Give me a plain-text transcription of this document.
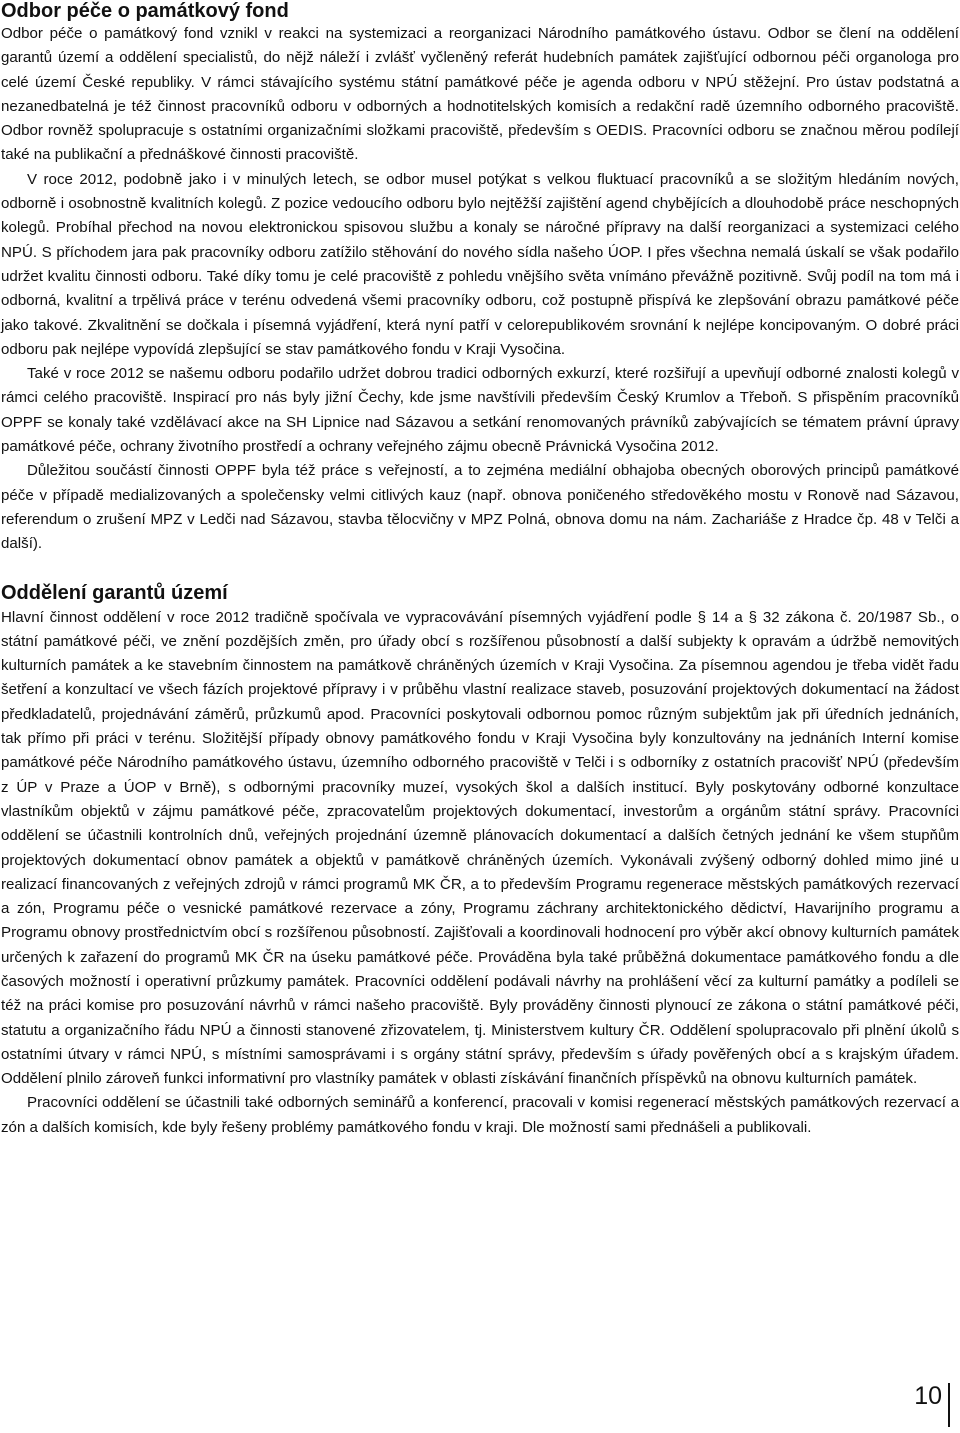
Odbor péče o památkový fond

Odbor péče o památkový fond vznikl v reakci na systemizaci a reorganizaci Národního památkového ústavu. Odbor se člení na oddělení garantů území a oddělení specialistů, do nějž náleží i zvlášť vyčleněný referát hudebních památek zajišťující odbornou péči organologa pro celé území České republiky. V rámci stávajícího systému státní památkové péče je agenda odboru v NPÚ stěžejní. Pro ústav podstatná a nezanedbatelná je též činnost pracovníků odboru v odborných a hodnotitelských komisích a redakční radě územního odborného pracoviště. Odbor rovněž spolupracuje s ostatními organizačními složkami pracoviště, především s OEDIS. Pracovníci odboru se značnou měrou podílejí také na publikační a přednáškové činnosti pracoviště.

V roce 2012, podobně jako i v minulých letech, se odbor musel potýkat s velkou fluktuací pracovníků a se složitým hledáním nových, odborně i osobnostně kvalitních kolegů. Z pozice vedoucího odboru bylo nejtěžší zajištění agend chybějících a dlouhodobě práce neschopných kolegů. Probíhal přechod na novou elektronickou spisovou službu a konaly se náročné přípravy na další reorganizaci a systemizaci celého NPÚ. S příchodem jara pak pracovníky odboru zatížilo stěhování do nového sídla našeho ÚOP. I přes všechna nemalá úskalí se však podařilo udržet kvalitu činnosti odboru. Také díky tomu je celé pracoviště z pohledu vnějšího světa vnímáno převážně pozitivně. Svůj podíl na tom má i odborná, kvalitní a trpělivá práce v terénu odvedená všemi pracovníky odboru, což postupně přispívá ke zlepšování obrazu památkové péče jako takové. Zkvalitnění se dočkala i písemná vyjádření, která nyní patří v celorepublikovém srovnání k nejlépe koncipovaným. O dobré práci odboru pak nejlépe vypovídá zlepšující se stav památkového fondu v Kraji Vysočina.

Také v roce 2012 se našemu odboru podařilo udržet dobrou tradici odborných exkurzí, které rozšiřují a upevňují odborné znalosti kolegů v rámci celého pracoviště. Inspirací pro nás byly jižní Čechy, kde jsme navštívili především Český Krumlov a Třeboň. S přispěním pracovníků OPPF se konaly také vzdělávací akce na SH Lipnice nad Sázavou a setkání renomovaných právníků zabývajících se tématem právní úpravy památkové péče, ochrany životního prostředí a ochrany veřejného zájmu obecně Právnická Vysočina 2012.

Důležitou součástí činnosti OPPF byla též práce s veřejností, a to zejména mediální obhajoba obecných oborových principů památkové péče v případě medializovaných a společensky velmi citlivých kauz (např. obnova poničeného středověkého mostu v Ronově nad Sázavou, referendum o zrušení MPZ v Ledči nad Sázavou, stavba tělocvičny v MPZ Polná, obnova domu na nám. Zachariáše z Hradce čp. 48 v Telči a další).

Oddělení garantů území

Hlavní činnost oddělení v roce 2012 tradičně spočívala ve vypracovávání písemných vyjádření podle § 14 a § 32 zákona č. 20/1987 Sb., o státní památkové péči, ve znění pozdějších změn, pro úřady obcí s rozšířenou působností a další subjekty k opravám a údržbě nemovitých kulturních památek a ke stavebním činnostem na památkově chráněných územích v Kraji Vysočina. Za písemnou agendou je třeba vidět řadu šetření a konzultací ve všech fázích projektové přípravy i v průběhu vlastní realizace staveb, posuzování projektových dokumentací na žádost předkladatelů, projednávání záměrů, průzkumů apod. Pracovníci poskytovali odbornou pomoc různým subjektům jak při úředních jednáních, tak přímo při práci v terénu. Složitější případy obnovy památkového fondu v Kraji Vysočina byly konzultovány na jednáních Interní komise památkové péče Národního památkového ústavu, územního odborného pracoviště v Telči i s odborníky z ostatních pracovišť NPÚ (především z ÚP v Praze a ÚOP v Brně), s odbornými pracovníky muzeí, vysokých škol a dalších institucí. Byly poskytovány odborné konzultace vlastníkům objektů v zájmu památkové péče, zpracovatelům projektových dokumentací, investorům a orgánům státní správy. Pracovníci oddělení se účastnili kontrolních dnů, veřejných projednání územně plánovacích dokumentací a dalších četných jednání ke všem stupňům projektových dokumentací obnov památek a objektů v památkově chráněných územích. Vykonávali zvýšený odborný dohled mimo jiné u realizací financovaných z veřejných zdrojů v rámci programů MK ČR, a to především Programu regenerace městských památkových rezervací a zón, Programu péče o vesnické památkové rezervace a zóny, Programu záchrany architektonického dědictví, Havarijního programu a Programu obnovy prostřednictvím obcí s rozšířenou působností. Zajišťovali a koordinovali hodnocení pro výběr akcí obnovy kulturních památek určených k zařazení do programů MK ČR na úseku památkové péče. Prováděna byla také průběžná dokumentace památkového fondu a dle časových možností i operativní průzkumy památek. Pracovníci oddělení podávali návrhy na prohlášení věcí za kulturní památky a podíleli se též na práci komise pro posuzování návrhů v rámci našeho pracoviště. Byly prováděny činnosti plynoucí ze zákona o státní památkové péči, statutu a organizačního řádu NPÚ a činnosti stanovené zřizovatelem, tj. Ministerstvem kultury ČR. Oddělení spolupracovalo při plnění úkolů s ostatními útvary v rámci NPÚ, s místními samosprávami i s orgány státní správy, především s úřady pověřených obcí a s krajským úřadem. Oddělení plnilo zároveň funkci informativní pro vlastníky památek v oblasti získávání finančních příspěvků na obnovu kulturních památek.

Pracovníci oddělení se účastnili také odborných seminářů a konferencí, pracovali v komisi regenerací městských památkových rezervací a zón a dalších komisích, kde byly řešeny problémy památkového fondu v kraji. Dle možností sami přednášeli a publikovali.

10
